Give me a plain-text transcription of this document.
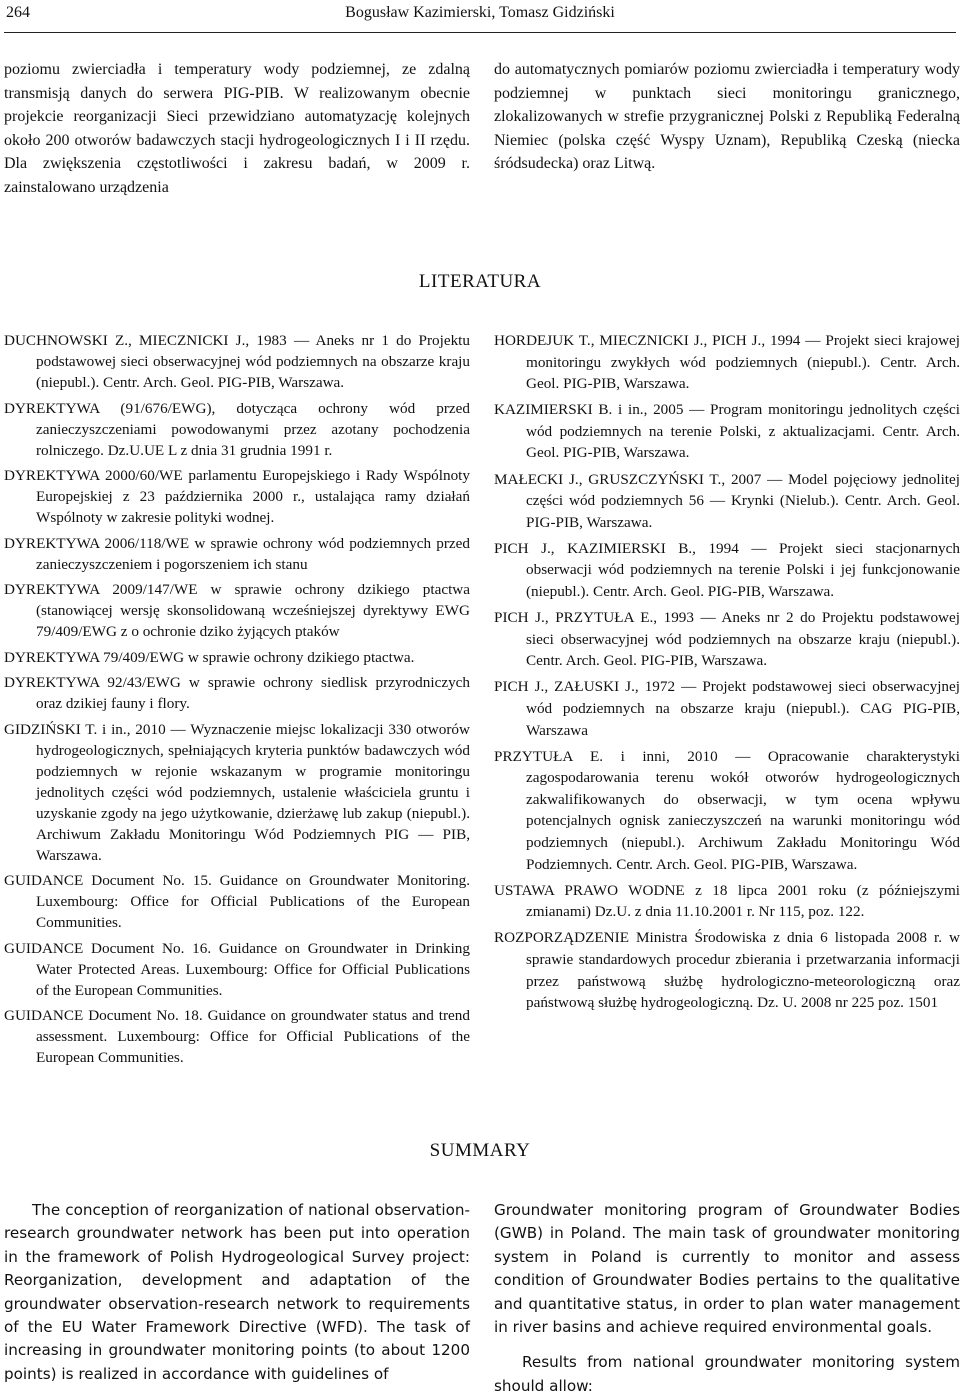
264	Bogusław Kazimierski, Tomasz Gidziński

poziomu zwierciadła i temperatury wody podziemnej, ze zdalną transmisją danych do serwera PIG-PIB. W realizowanym obecnie projekcie reorganizacji Sieci przewidziano automatyzację kolejnych około 200 otworów badawczych stacji hydrogeologicznych I i II rzędu. Dla zwiększenia częstotliwości i zakresu badań, w 2009 r. zainstalowano urządzenia

do automatycznych pomiarów poziomu zwierciadła i temperatury wody podziemnej w punktach sieci monitoringu granicznego, zlokalizowanych w strefie przygranicznej Polski z Republiką Federalną Niemiec (polska część Wyspy Uznam), Republiką Czeską (niecka śródsudecka) oraz Litwą.

LITERATURA

DUCHNOWSKI Z., MIECZNICKI J., 1983 — Aneks nr 1 do Projektu podstawowej sieci obserwacyjnej wód podziemnych na obszarze kraju (niepubl.). Centr. Arch. Geol. PIG-PIB, Warszawa.

DYREKTYWA (91/676/EWG), dotycząca ochrony wód przed zanieczyszczeniami powodowanymi przez azotany pochodzenia rolniczego. Dz.U.UE L z dnia 31 grudnia 1991 r.

DYREKTYWA 2000/60/WE parlamentu Europejskiego i Rady Wspólnoty Europejskiej z 23 października 2000 r., ustalająca ramy działań Wspólnoty w zakresie polityki wodnej.

DYREKTYWA 2006/118/WE w sprawie ochrony wód podziemnych przed zanieczyszczeniem i pogorszeniem ich stanu

DYREKTYWA 2009/147/WE w sprawie ochrony dzikiego ptactwa (stanowiącej wersję skonsolidowaną wcześniejszej dyrektywy EWG 79/409/EWG z o ochronie dziko żyjących ptaków

DYREKTYWA 79/409/EWG w sprawie ochrony dzikiego ptactwa.

DYREKTYWA 92/43/EWG w sprawie ochrony siedlisk przyrodniczych oraz dzikiej fauny i flory.

GIDZIŃSKI T. i in., 2010 — Wyznaczenie miejsc lokalizacji 330 otworów hydrogeologicznych, spełniających kryteria punktów badawczych wód podziemnych w rejonie wskazanym w programie monitoringu jednolitych części wód podziemnych, ustalenie właściciela gruntu i uzyskanie zgody na jego użytkowanie, dzierżawę lub zakup (niepubl.). Archiwum Zakładu Monitoringu Wód Podziemnych PIG — PIB, Warszawa.

GUIDANCE Document No. 15. Guidance on Groundwater Monitoring. Luxembourg: Office for Official Publications of the European Communities.

GUIDANCE Document No. 16. Guidance on Groundwater in Drinking Water Protected Areas. Luxembourg: Office for Official Publications of the European Communities.

GUIDANCE Document No. 18. Guidance on groundwater status and trend assessment. Luxembourg: Office for Official Publications of the European Communities.

HORDEJUK T., MIECZNICKI J., PICH J., 1994 — Projekt sieci krajowej monitoringu zwykłych wód podziemnych (niepubl.). Centr. Arch. Geol. PIG-PIB, Warszawa.

KAZIMIERSKI B. i in., 2005 — Program monitoringu jednolitych części wód podziemnych na terenie Polski, z aktualizacjami. Centr. Arch. Geol. PIG-PIB, Warszawa.

MAŁECKI J., GRUSZCZYŃSKI T., 2007 — Model pojęciowy jednolitej części wód podziemnych 56 — Krynki (Nielub.). Centr. Arch. Geol. PIG-PIB, Warszawa.

PICH J., KAZIMIERSKI B., 1994 — Projekt sieci stacjonarnych obserwacji wód podziemnych na terenie Polski i jej funkcjonowanie (niepubl.). Centr. Arch. Geol. PIG-PIB, Warszawa.

PICH J., PRZYTUŁA E., 1993 — Aneks nr 2 do Projektu podstawowej sieci obserwacyjnej wód podziemnych na obszarze kraju (niepubl.). Centr. Arch. Geol. PIG-PIB, Warszawa.

PICH J., ZAŁUSKI J., 1972 — Projekt podstawowej sieci obserwacyjnej wód podziemnych na obszarze kraju (niepubl.). CAG PIG-PIB, Warszawa

PRZYTUŁA E. i inni, 2010 — Opracowanie charakterystyki zagospodarowania terenu wokół otworów hydrogeologicznych zakwalifikowanych do obserwacji, w tym ocena wpływu potencjalnych ognisk zanieczyszczeń na warunki monitoringu wód podziemnych (niepubl.). Archiwum Zakładu Monitoringu Wód Podziemnych. Centr. Arch. Geol. PIG-PIB, Warszawa.

USTAWA PRAWO WODNE z 18 lipca 2001 roku (z późniejszymi zmianami) Dz.U. z dnia 11.10.2001 r. Nr 115, poz. 122.

ROZPORZĄDZENIE Ministra Środowiska z dnia 6 listopada 2008 r. w sprawie standardowych procedur zbierania i przetwarzania informacji przez państwową służbę hydrologiczno-meteorologiczną oraz państwową służbę hydrogeologiczną. Dz. U. 2008 nr 225 poz. 1501

SUMMARY

The conception of reorganization of national observation-research groundwater network has been put into operation in the framework of Polish Hydrogeological Survey project: Reorganization, development and adaptation of the groundwater observation-research network to requirements of the EU Water Framework Directive (WFD). The task of increasing in groundwater monitoring points (to about 1200 points) is realized in accordance with guidelines of

Groundwater monitoring program of Groundwater Bodies (GWB) in Poland. The main task of groundwater monitoring system in Poland is currently to monitor and assess condition of Groundwater Bodies pertains to the qualitative and quantitative status, in order to plan water management in river basins and achieve required environmental goals.

Results from national groundwater monitoring system should allow:
